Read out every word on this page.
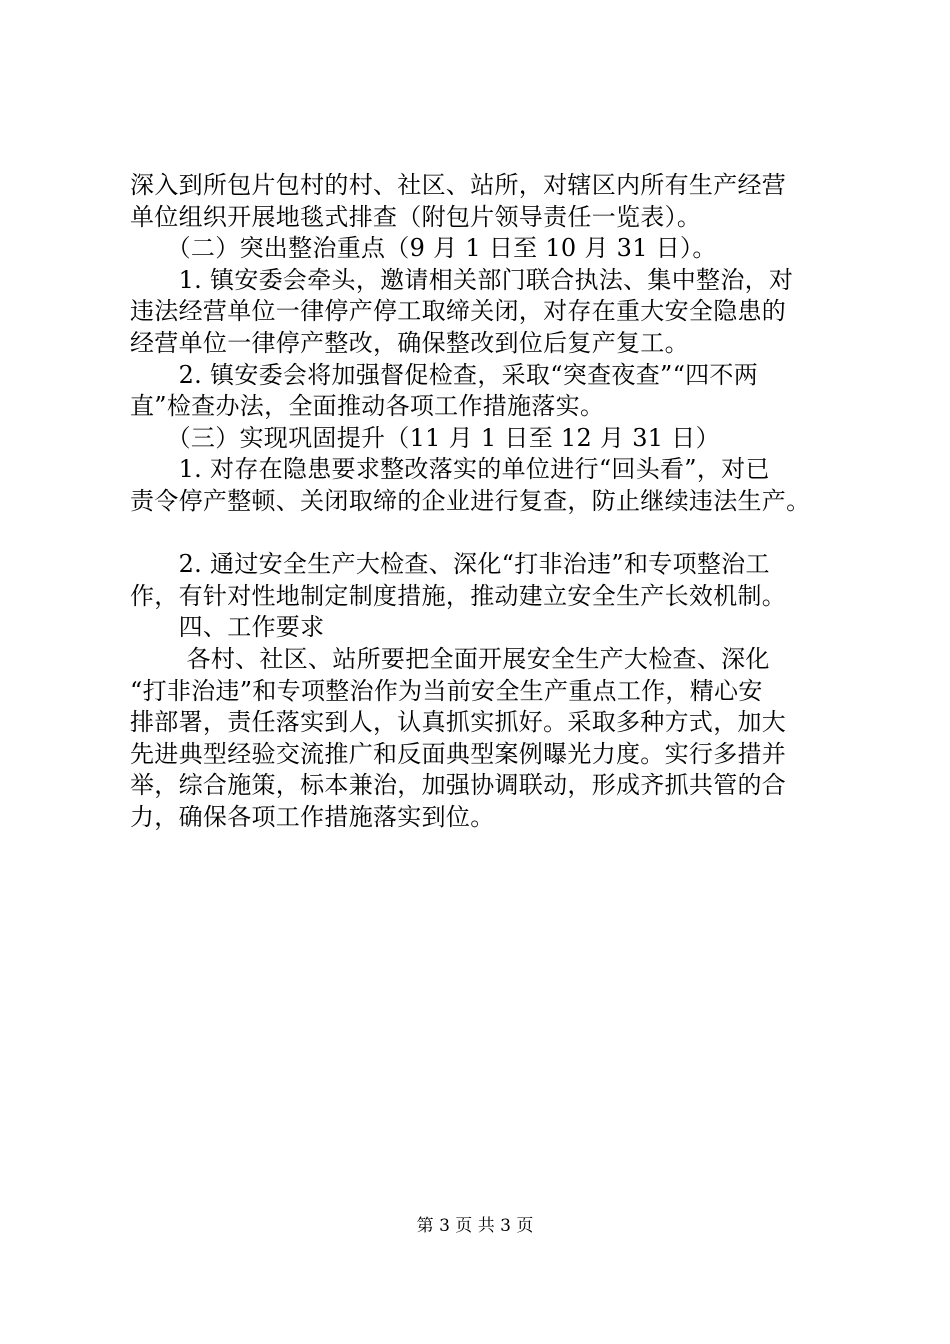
深入到所包片包村的村、社区、站所，对辖区内所有生产经营
单位组织开展地毯式排查（附包片领导责任一览表）。
　　（二）突出整治重点（9 月 1 日至 10 月 31 日）。
　　1. 镇安委会牵头，邀请相关部门联合执法、集中整治，对
违法经营单位一律停产停工取缔关闭，对存在重大安全隐患的
经营单位一律停产整改，确保整改到位后复产复工。
　　2. 镇安委会将加强督促检查，采取“突查夜查”“四不两
直”检查办法，全面推动各项工作措施落实。
　　（三）实现巩固提升（11 月 1 日至 12 月 31 日）
　　1. 对存在隐患要求整改落实的单位进行“回头看”，对已
责令停产整顿、关闭取缔的企业进行复查，防止继续违法生产。
　　2. 通过安全生产大检查、深化“打非治违”和专项整治工
作，有针对性地制定制度措施，推动建立安全生产长效机制。
　　四、工作要求
　　 各村、社区、站所要把全面开展安全生产大检查、深化
“打非治违”和专项整治作为当前安全生产重点工作，精心安
排部署，责任落实到人，认真抓实抓好。采取多种方式，加大
先进典型经验交流推广和反面典型案例曝光力度。实行多措并
举，综合施策，标本兼治，加强协调联动，形成齐抓共管的合
力，确保各项工作措施落实到位。
第 3 页 共 3 页
